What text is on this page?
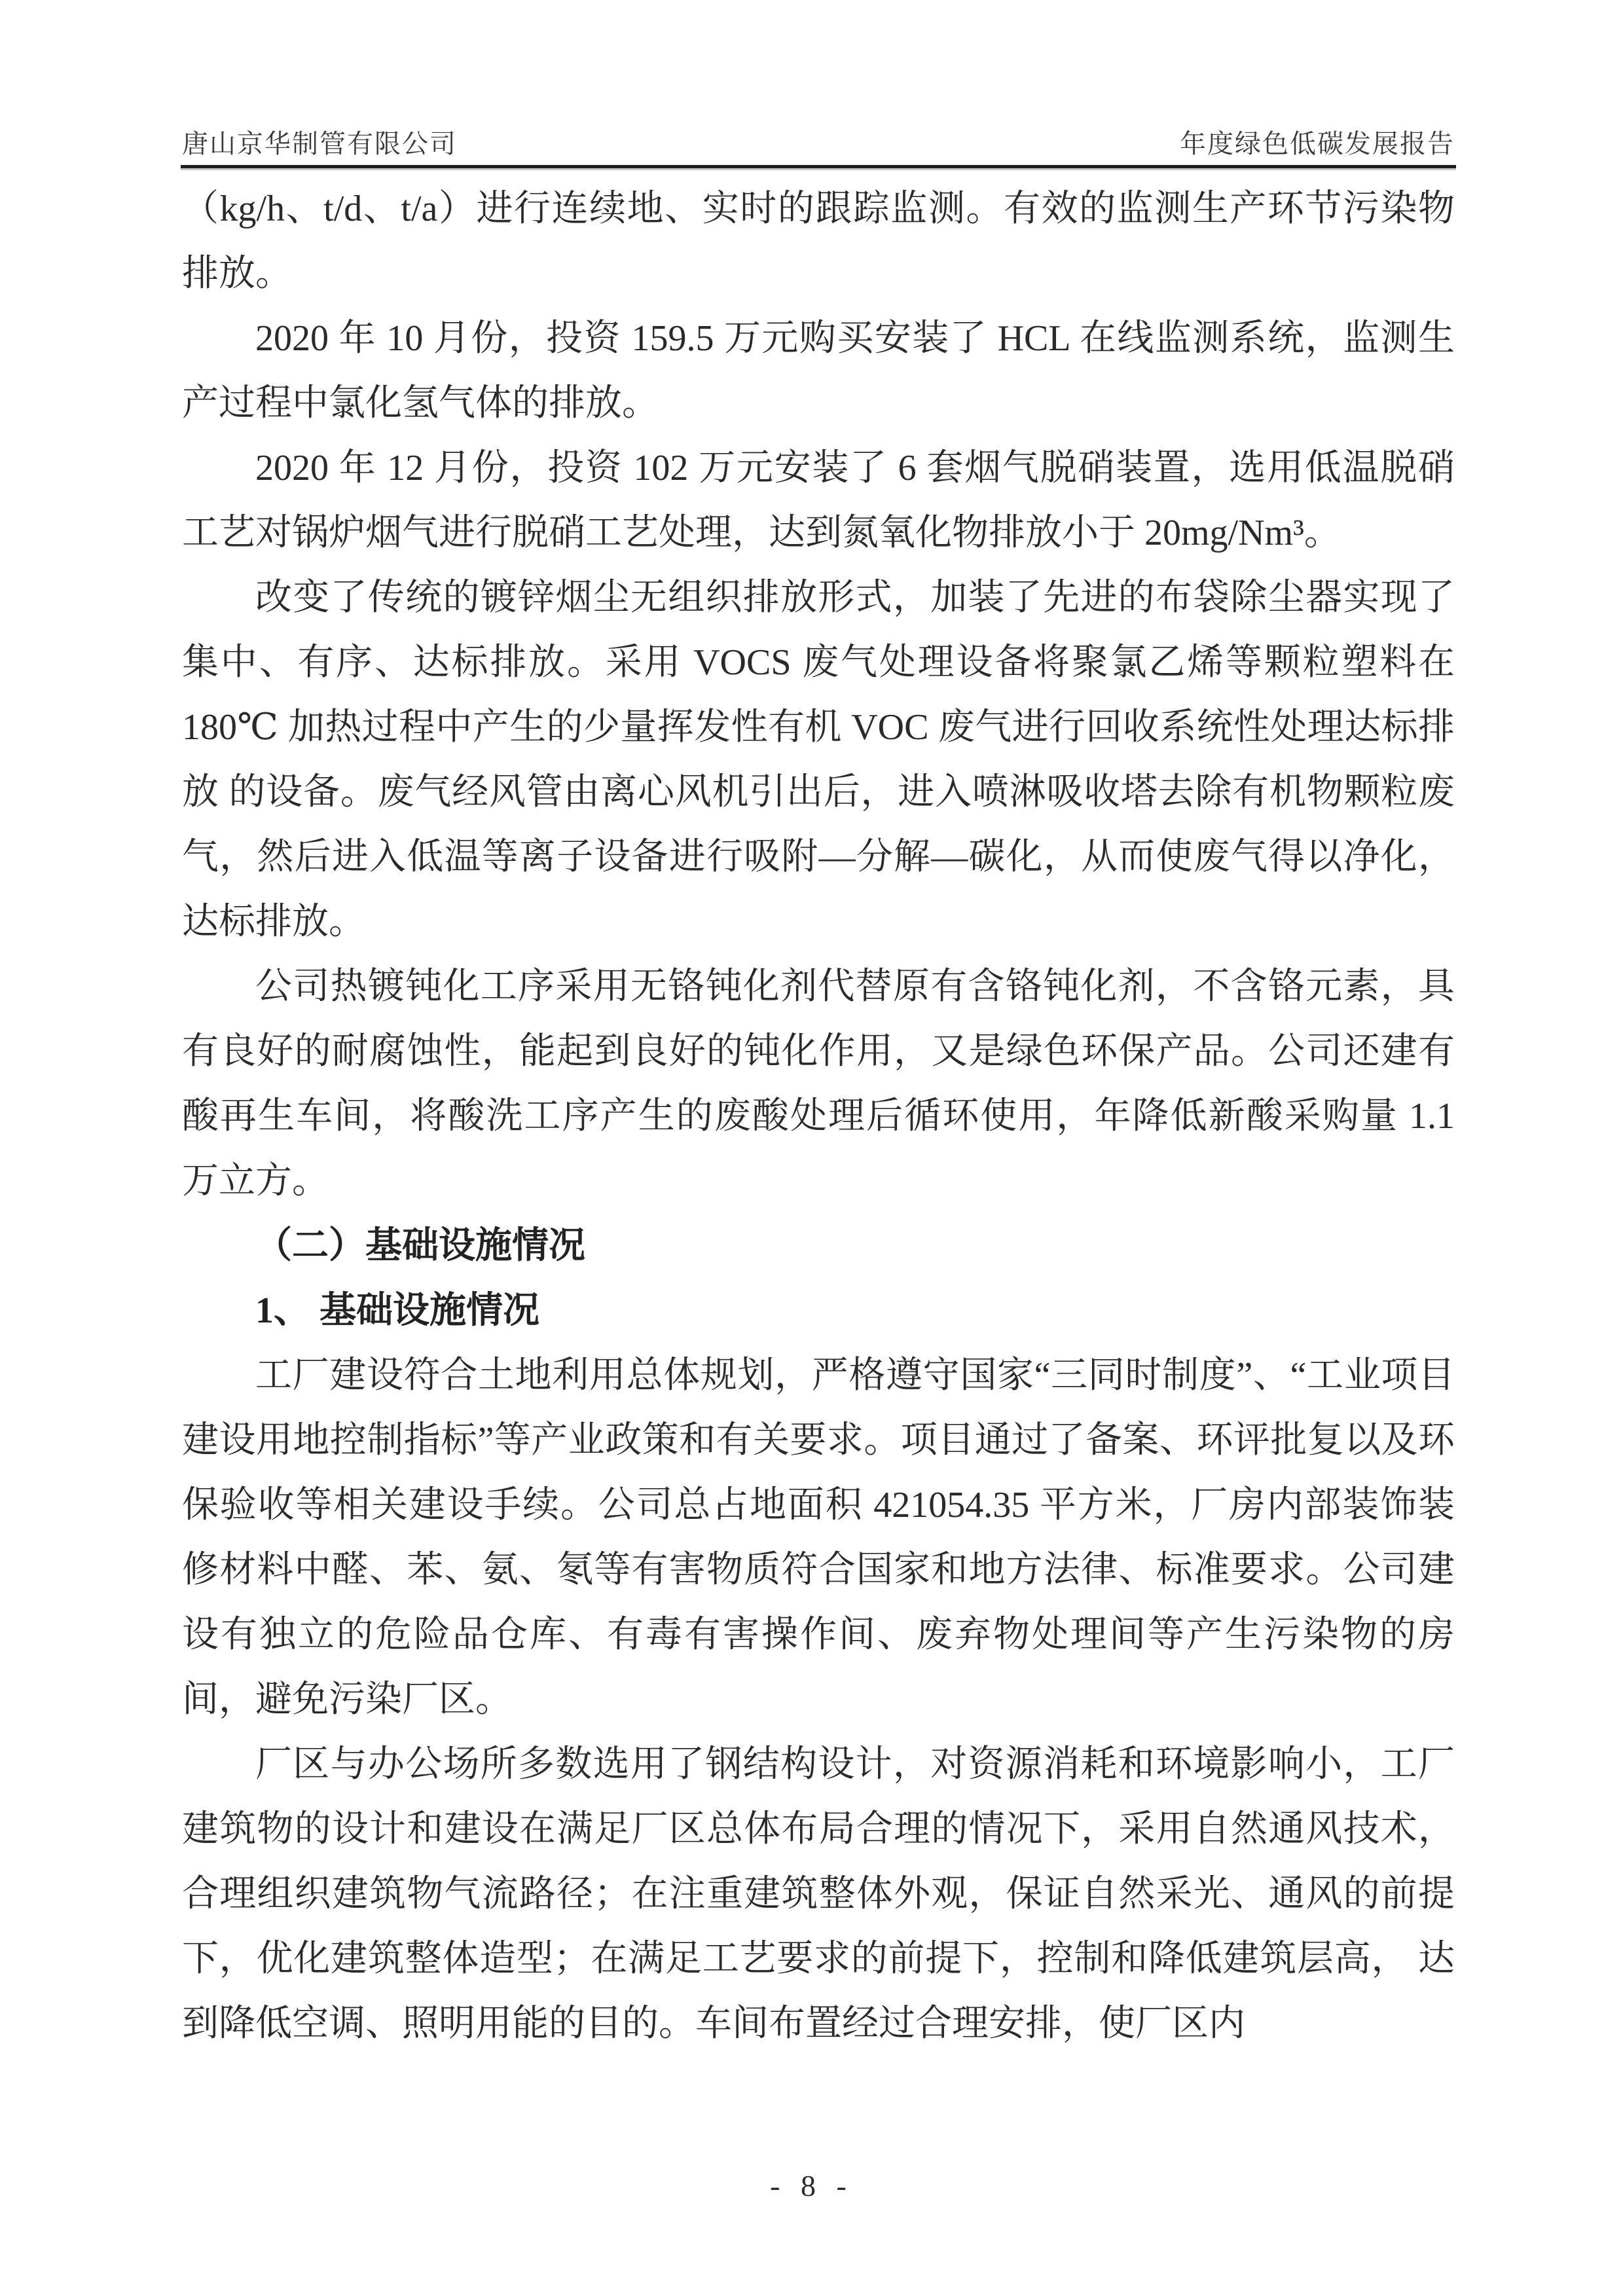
唐山京华制管有限公司	年度绿色低碳发展报告

（kg/h、t/d、t/a）进行连续地、实时的跟踪监测。有效的监测生产环节污染物排放。

2020 年 10 月份，投资 159.5 万元购买安装了 HCL 在线监测系统，监测生产过程中氯化氢气体的排放。

2020 年 12 月份，投资 102 万元安装了 6 套烟气脱硝装置，选用低温脱硝工艺对锅炉烟气进行脱硝工艺处理，达到氮氧化物排放小于 20mg/Nm³。

改变了传统的镀锌烟尘无组织排放形式，加装了先进的布袋除尘器实现了集中、有序、达标排放。采用 VOCS 废气处理设备将聚氯乙烯等颗粒塑料在 180℃ 加热过程中产生的少量挥发性有机 VOC 废气进行回收系统性处理达标排放 的设备。废气经风管由离心风机引出后，进入喷淋吸收塔去除有机物颗粒废气，然后进入低温等离子设备进行吸附—分解—碳化，从而使废气得以净化，达标排放。

公司热镀钝化工序采用无铬钝化剂代替原有含铬钝化剂，不含铬元素，具有良好的耐腐蚀性，能起到良好的钝化作用，又是绿色环保产品。公司还建有酸再生车间，将酸洗工序产生的废酸处理后循环使用，年降低新酸采购量 1.1 万立方。

（二）基础设施情况

1、 基础设施情况

工厂建设符合土地利用总体规划，严格遵守国家“三同时制度”、“工业项目建设用地控制指标”等产业政策和有关要求。项目通过了备案、环评批复以及环保验收等相关建设手续。公司总占地面积 421054.35 平方米，厂房内部装饰装修材料中醛、苯、氨、氡等有害物质符合国家和地方法律、标准要求。公司建设有独立的危险品仓库、有毒有害操作间、废弃物处理间等产生污染物的房间，避免污染厂区。

厂区与办公场所多数选用了钢结构设计，对资源消耗和环境影响小，工厂建筑物的设计和建设在满足厂区总体布局合理的情况下，采用自然通风技术，合理组织建筑物气流路径；在注重建筑整体外观，保证自然采光、通风的前提下，优化建筑整体造型；在满足工艺要求的前提下，控制和降低建筑层高， 达到降低空调、照明用能的目的。车间布置经过合理安排，使厂区内

- 8 -
